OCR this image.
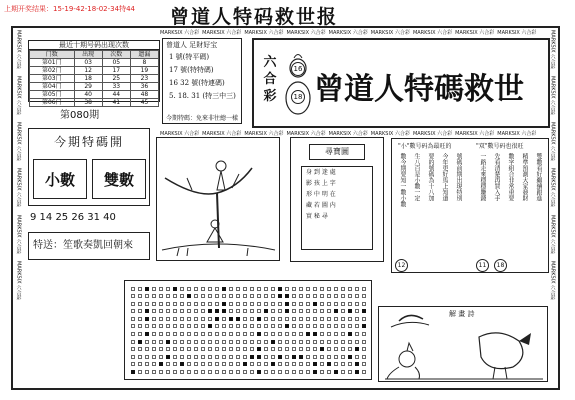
上期开奖结果：15-19-42-18-02-34特44 曾道人特码救世报
MARKSIX 六合彩 MARKSIX 六合彩 MARKSIX 六合彩 MARKSIX 六合彩 MARKSIX 六合彩 MARKSIX 六合彩 MARKSIX 六合彩 MARKSIX 六合彩 MARKSIX 六合彩
MARKSIX 六合彩 MARKSIX 六合彩 MARKSIX 六合彩 MARKSIX 六合彩 MARKSIX 六合彩 MARKSIX 六合彩 MARKSIX 六合彩 MARKSIX 六合彩 MARKSIX 六合彩
MARKSIX 六合彩
MARKSIX 六合彩
MARKSIX 六合彩
MARKSIX 六合彩
MARKSIX 六合彩
MARKSIX 六合彩
MARKSIX 六合彩
MARKSIX 六合彩
MARKSIX 六合彩
MARKSIX 六合彩
MARKSIX 六合彩
MARKSIX 六合彩
最近十期号码出现次数
门数	出现	次数	遗漏
第01门	03	05	8
第02门	12	17	19
第03门	18	25	23
第04门	29	33	36
第05门	40	44	48
第06门	38	41	45
第080期
今期特碼開
小數	雙數
9 14 25 26 31 40
特送：笙歌奏凱回朝來
曾道人 足財好宝
1 號(特平碼)
17 號(特特碼)
16 32 號(特連碼)
5. 18. 31 (特三中三)
今期特碼：免來非往總一樣
六合彩
16
18 曾道人特碼救世
尋寶圖
身 到 迷 處
影 孩 上 字
形 中 明 在
藏 若 圖 内
實 秘 尋
"小"數号码為最旺的	"双"數号码也很旺
數今期要知一數小數 生八百是小數一定 要的號碼為十八加 今年更好馬上知道 號碼前期出現特別	一路走來穩穩賺錢 先看清楚再買入手 數字組合非常重要 精準預測大家發財 雙數看好繼續跟進
12	11	18
解 畫 詩
